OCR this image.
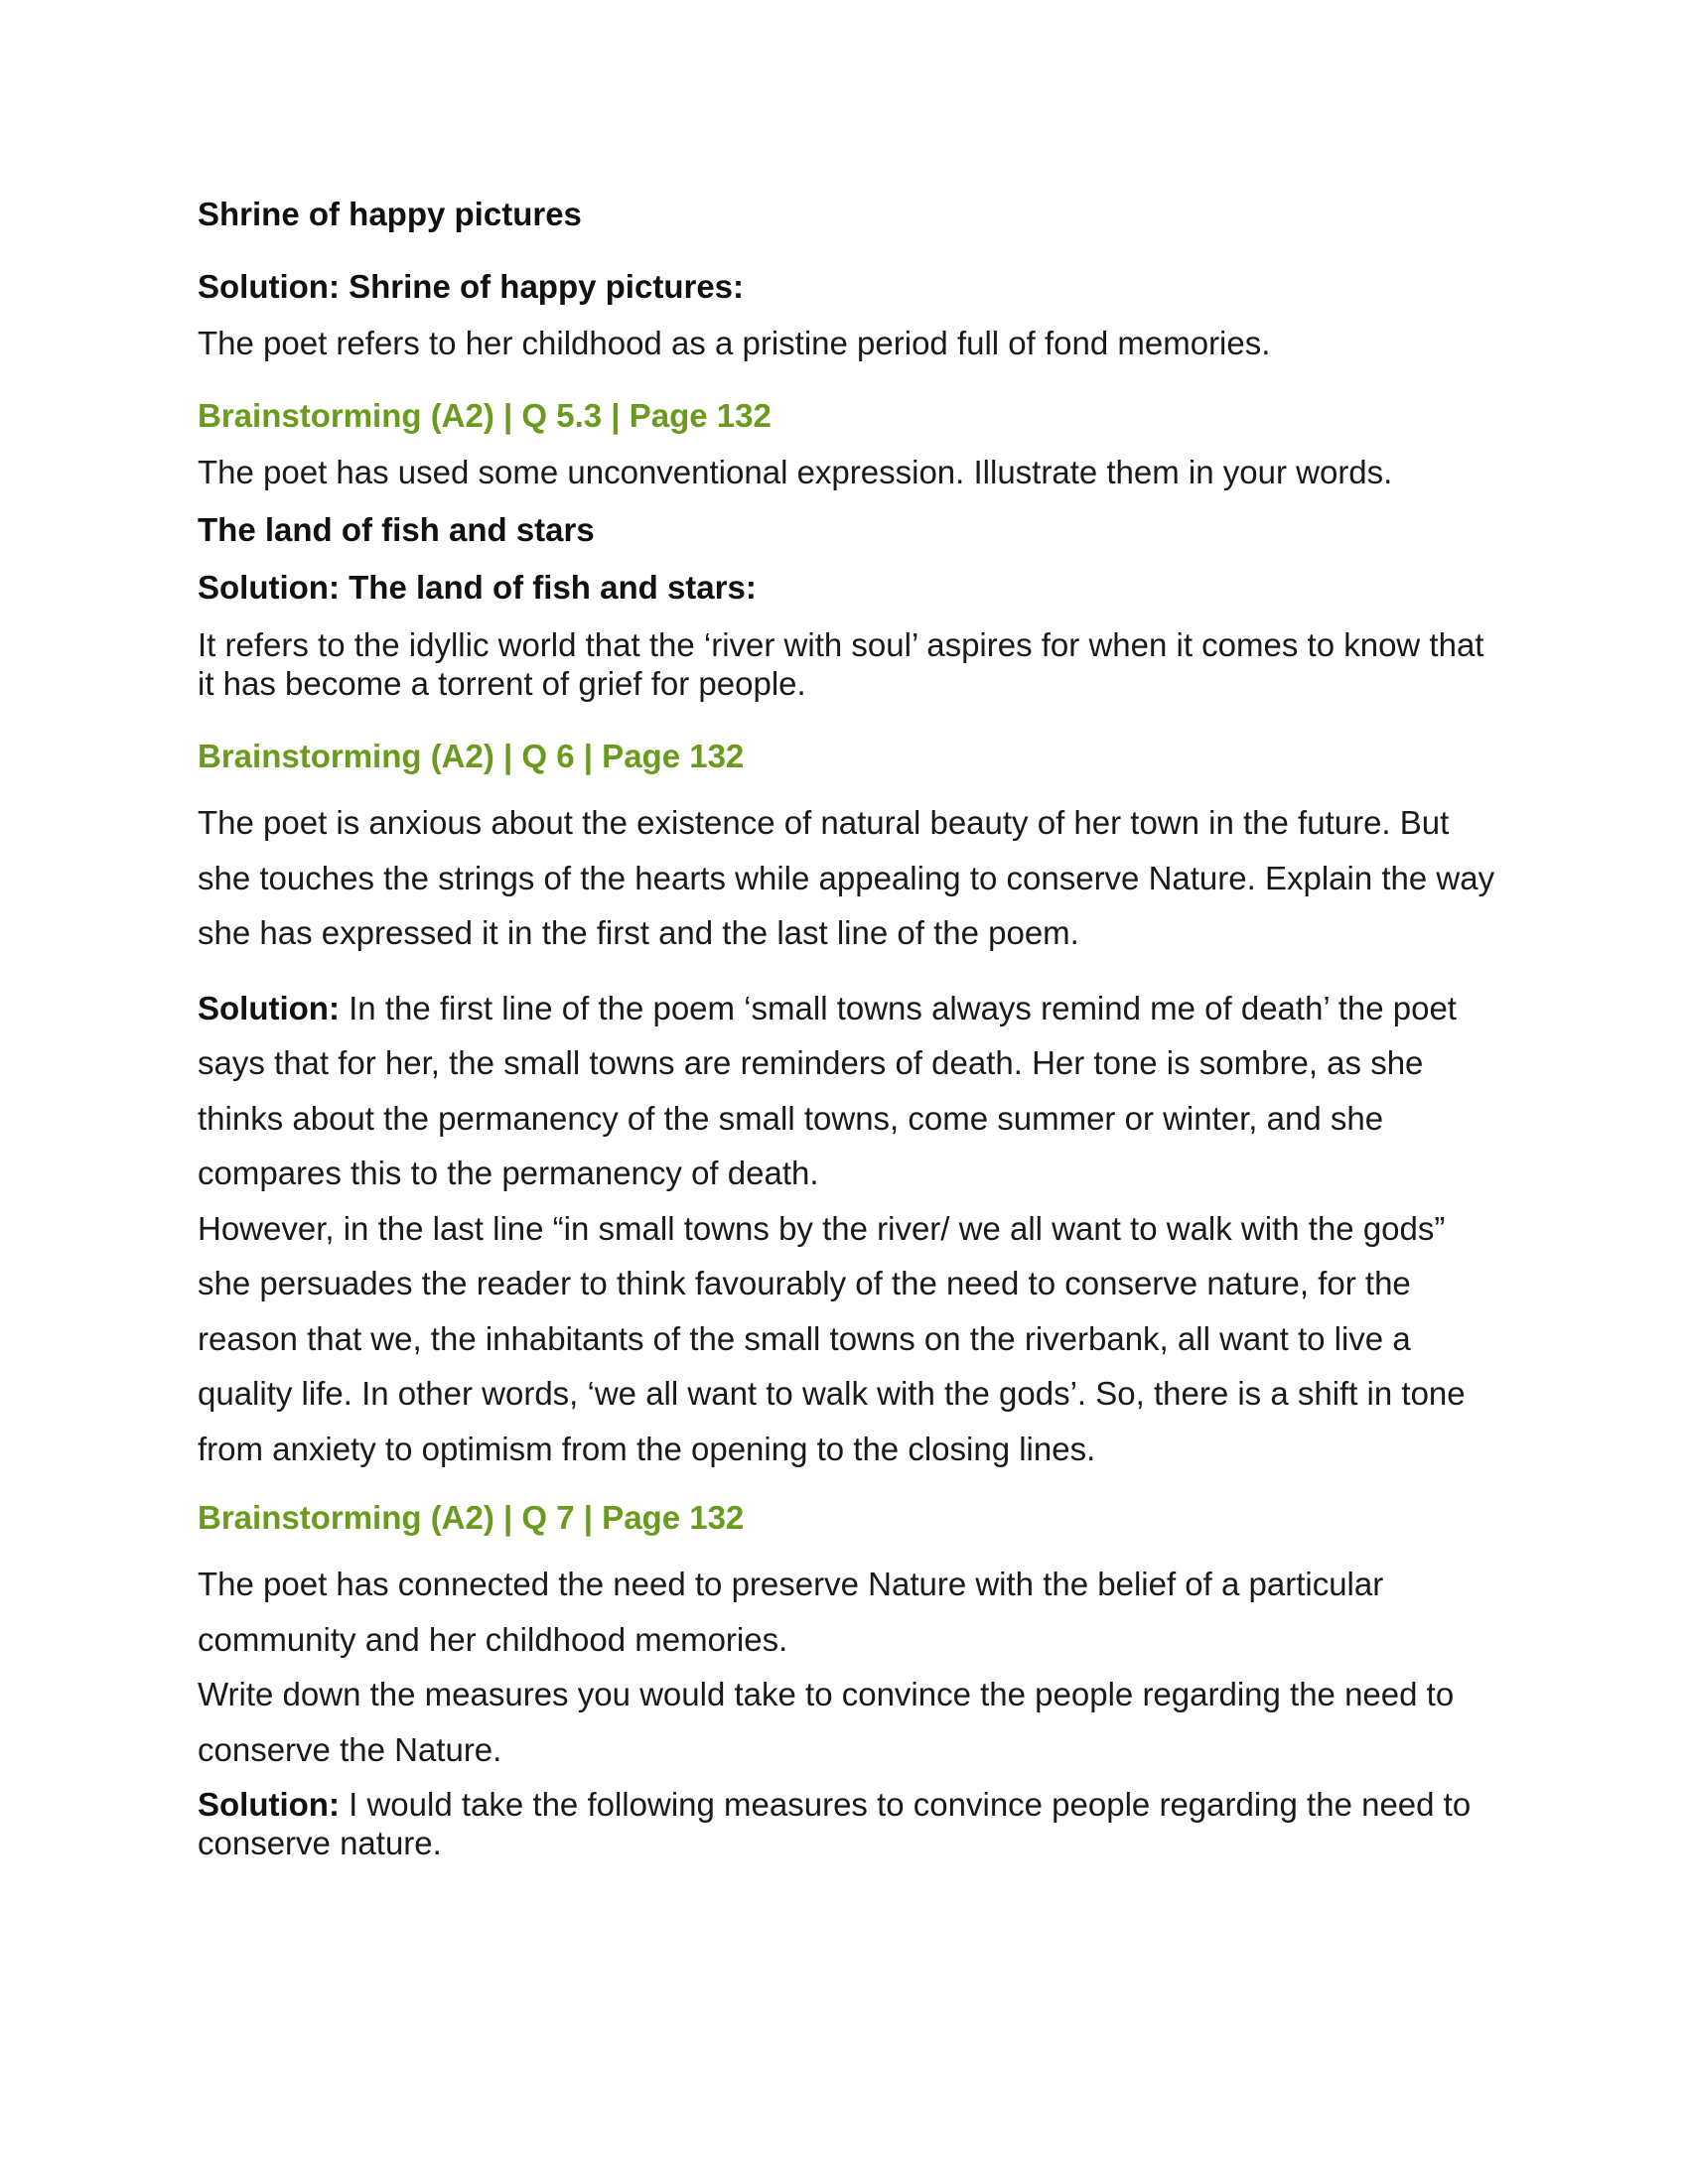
Shrine of happy pictures

Solution: Shrine of happy pictures:

The poet refers to her childhood as a pristine period full of fond memories.

Brainstorming (A2) | Q 5.3 | Page 132

The poet has used some unconventional expression. Illustrate them in your words.

The land of fish and stars

Solution: The land of fish and stars:

It refers to the idyllic world that the ‘river with soul’ aspires for when it comes to know that it has become a torrent of grief for people.

Brainstorming (A2) | Q 6 | Page 132

The poet is anxious about the existence of natural beauty of her town in the future. But she touches the strings of the hearts while appealing to conserve Nature. Explain the way she has expressed it in the first and the last line of the poem.

Solution: In the first line of the poem ‘small towns always remind me of death’ the poet says that for her, the small towns are reminders of death. Her tone is sombre, as she thinks about the permanency of the small towns, come summer or winter, and she compares this to the permanency of death.

However, in the last line “in small towns by the river/ we all want to walk with the gods” she persuades the reader to think favourably of the need to conserve nature, for the reason that we, the inhabitants of the small towns on the riverbank, all want to live a quality life. In other words, ‘we all want to walk with the gods’. So, there is a shift in tone from anxiety to optimism from the opening to the closing lines.

Brainstorming (A2) | Q 7 | Page 132

The poet has connected the need to preserve Nature with the belief of a particular community and her childhood memories.

Write down the measures you would take to convince the people regarding the need to conserve the Nature.

Solution: I would take the following measures to convince people regarding the need to conserve nature.
